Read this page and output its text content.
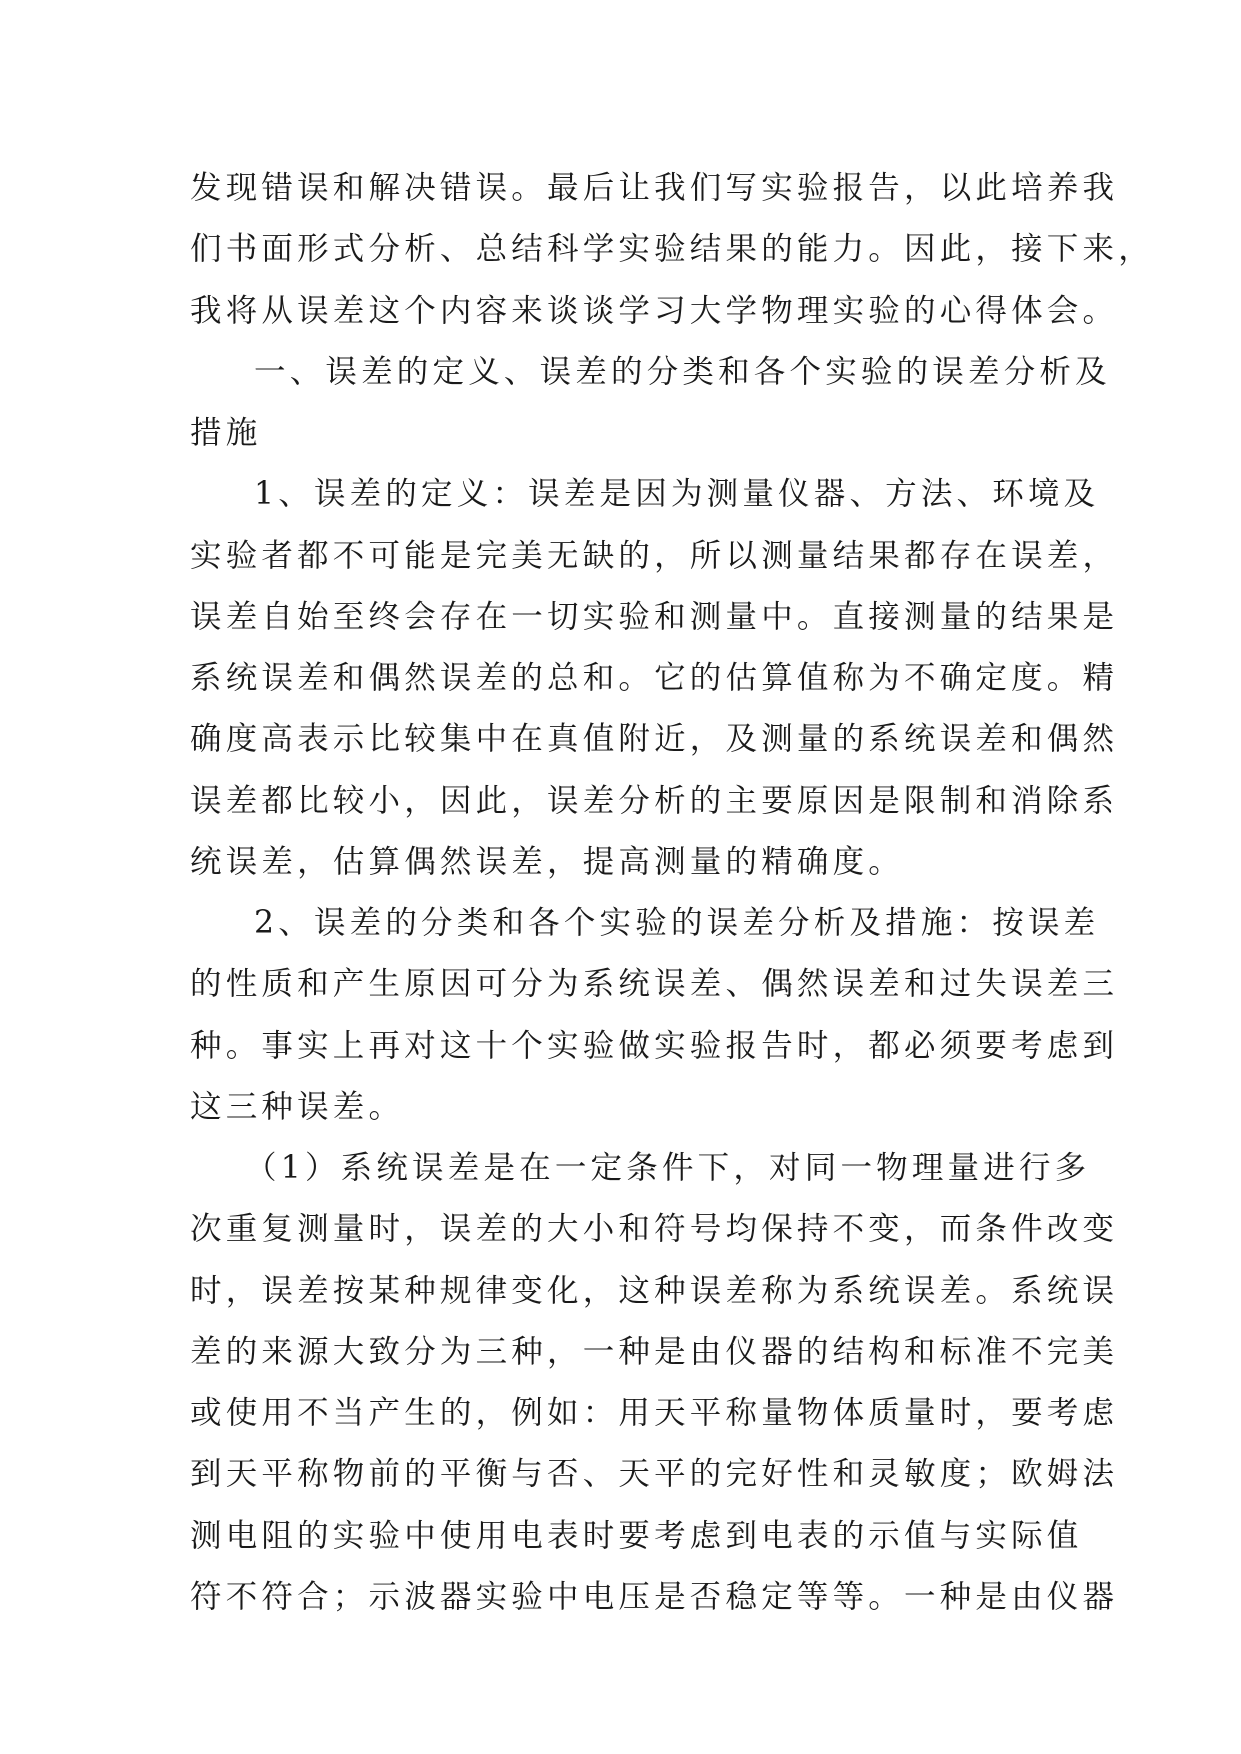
发现错误和解决错误。最后让我们写实验报告，以此培养我
们书面形式分析、总结科学实验结果的能力。因此，接下来，
我将从误差这个内容来谈谈学习大学物理实验的心得体会。
一、误差的定义、误差的分类和各个实验的误差分析及
措施
1、误差的定义：误差是因为测量仪器、方法、环境及
实验者都不可能是完美无缺的，所以测量结果都存在误差，
误差自始至终会存在一切实验和测量中。直接测量的结果是
系统误差和偶然误差的总和。它的估算值称为不确定度。精
确度高表示比较集中在真值附近，及测量的系统误差和偶然
误差都比较小，因此，误差分析的主要原因是限制和消除系
统误差，估算偶然误差，提高测量的精确度。
2、误差的分类和各个实验的误差分析及措施：按误差
的性质和产生原因可分为系统误差、偶然误差和过失误差三
种。事实上再对这十个实验做实验报告时，都必须要考虑到
这三种误差。
（1）系统误差是在一定条件下，对同一物理量进行多
次重复测量时，误差的大小和符号均保持不变，而条件改变
时，误差按某种规律变化，这种误差称为系统误差。系统误
差的来源大致分为三种，一种是由仪器的结构和标准不完美
或使用不当产生的，例如：用天平称量物体质量时，要考虑
到天平称物前的平衡与否、天平的完好性和灵敏度；欧姆法
测电阻的实验中使用电表时要考虑到电表的示值与实际值
符不符合；示波器实验中电压是否稳定等等。一种是由仪器
